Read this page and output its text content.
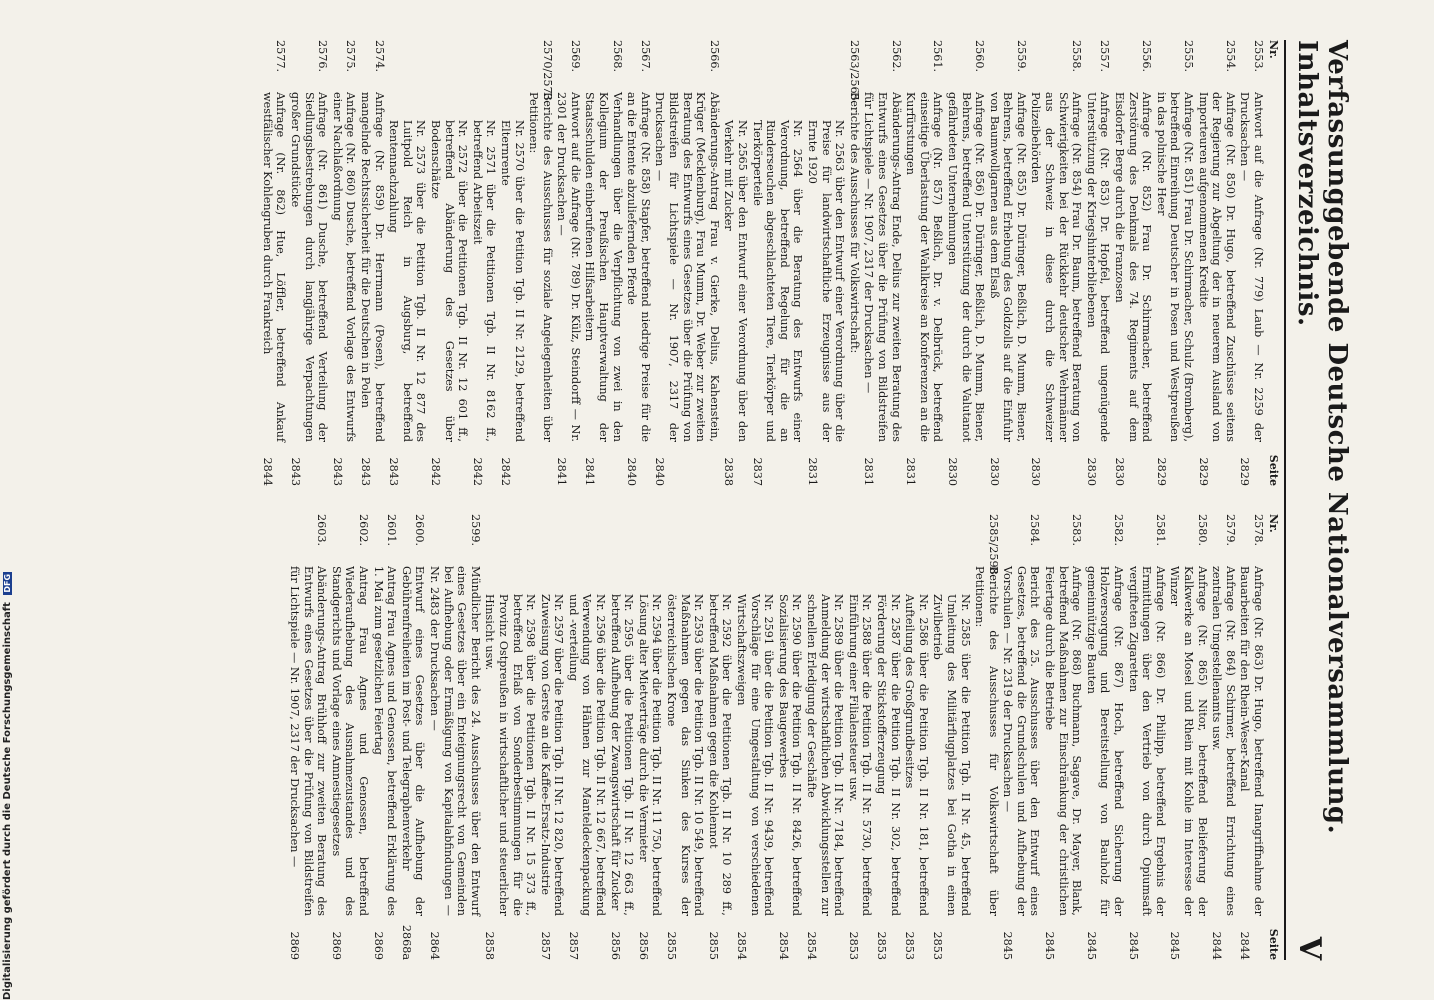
Verfassunggebende Deutsche Nationalversammlung. Inhaltsverzeichnis.
V
Nr.
Seite
2553.
Antwort auf die Anfrage (Nr. 779) Laub — Nr. 2259 der Drucksachen —
2829
2554.
Anfrage (Nr. 850) Dr. Hugo, betreffend Zuschüsse seitens der Regierung zur Abgeltung der in neuerem Ausland von Importeuren aufgenommenen Kredite
2829
2555.
Anfrage (Nr. 851) Frau Dr. Schirmacher, Schulz (Bromberg), betreffend Einreihung Deutscher in Posen und Westpreußen in das polnische Heer
2829
2556.
Anfrage (Nr. 852) Frau Dr. Schirmacher, betreffend Zerstörung des Denkmals des 74. Regiments auf dem Eisdorfer Berge durch die Franzosen
2830
2557.
Anfrage (Nr. 853) Dr. Hopfel, betreffend ungenügende Unterstützung der Kriegshinterbliebenen
2830
2558.
Anfrage (Nr. 854) Frau Dr. Baum, betreffend Beratung von Schwierigkeiten bei der Rückkehr deutscher Wehrmänner aus der Schweiz in diese durch die Schweizer Polizeibehörden
2830
2559.
Anfrage (Nr. 855) Dr. Düringer, Beßlich, D. Mumm, Biener, Behrens, betreffend Erhebung des Goldzolls auf die Einfuhr von Baumwollgarnen aus dem Elsaß
2830
2560.
Anfrage (Nr. 856) Dr. Düringer, Beßlich, D. Mumm, Biener, Behrens, betreffend Unterstützung der durch die Valutanot gefährdeten Unternehmungen
2830
2561.
Anfrage (Nr. 857) Beßlich, Dr. v. Delbrück, betreffend einseitige Überlastung der Wahlkreise an Konferenzen an die Kurfürstungen
2831
2562.
Abänderungs-Antrag Ende, Delius zur zweiten Beratung des Entwurfs eines Gesetzes über die Prüfung von Bildstreifen für Lichtspiele — Nr. 1907, 2317 der Drucksachen —
2831
2563/2565.
Berichte des Ausschusses für Volkswirtschaft:
Nr. 2563 über den Entwurf einer Verordnung über die Preise für landwirtschaftliche Erzeugnisse aus der Ernte 1920
2831
Nr. 2564 über die Beratung des Entwurfs einer Verordnung, betreffend Regelung für die an Rinderseuchen abgeschlachteten Tiere, Tierkörper und Tierkörperteile
2837
Nr. 2565 über den Entwurf einer Verordnung über den Verkehr mit Zucker
2838
2566.
Abänderungs-Antrag Frau v. Gierke, Delius, Kahenstein, Krüger (Mecklenburg), Frau Mumm, Dr. Weber zur zweiten Beratung des Entwurfs eines Gesetzes über die Prüfung von Bildstreifen für Lichtspiele — Nr. 1907, 2317 der Drucksachen —
2840
2567.
Anfrage (Nr. 858) Stapfer, betreffend niedrige Preise für die an die Entente abzuliefernden Pferde
2840
2568.
Verhandlungen über die Verpflichtung von zwei in den Kollegium der Preußischen Hauptverwaltung der Staatsschulden einberufenen Hilfsarbeitern
2841
2569.
Antwort auf die Anfrage (Nr. 789) Dr. Külz, Steindorff — Nr. 2301 der Drucksachen —
2841
2570/2573.
Berichte des Ausschusses für soziale Angelegenheiten über Petitionen:
Nr. 2570 über die Petition Tgb. II Nr. 2129, betreffend Elternrente
2842
Nr. 2571 über die Petitionen Tgb. II Nr. 8162 ff., betreffend Arbeitszeit
2842
Nr. 2572 über die Petitionen Tgb. II Nr. 12 601 ff., betreffend Abänderung des Gesetzes über Bodenschätze
2842
Nr. 2573 über die Petition Tgb. II Nr. 12 877 des Luitpold Reich in Augsburg, betreffend Rentennachzahlung
2843
2574.
Anfrage (Nr. 859) Dr. Herrmann (Posen), betreffend mangelnde Rechtssicherheit für die Deutschen in Polen
2843
2575.
Anfrage (Nr. 860) Dusche, betreffend Vorlage des Entwurfs einer Nachlaßordnung
2843
2576.
Anfrage (Nr. 861) Dusche, betreffend Verteilung der Siedlungsbestrebungen durch langjährige Verpachtungen großer Grundstücke
2843
2577.
Anfrage (Nr. 862) Hue, Löffler, betreffend Ankauf westfälischer Kohlengruben durch Frankreich
2844
Nr.
Seite
2578.
Anfrage (Nr. 863) Dr. Hugo, betreffend Inangriffnahme der Bauarbeiten für den Rhein-Weser-Kanal
2844
2579.
Anfrage (Nr. 864) Schirmer, betreffend Errichtung eines zentralen Umgestellenamts usw.
2844
2580.
Anfrage (Nr. 865) Nitor, betreffend Belieferung der Kalkwerke an Mosel und Rhein mit Kohle im Interesse der Winzer
2845
2581.
Anfrage (Nr. 866) Dr. Philipp, betreffend Ergebnis der Ermittlungen über den Vertrieb von durch Opiumsaft vergifteten Zigaretten
2845
2582.
Anfrage (Nr. 867) Hoch, betreffend Sicherung der Holzversorgung und Bereitstellung von Bauholz für gemeinnützige Bauten
2845
2583.
Anfrage (Nr. 868) Buchmann, Sagave, Dr. Mayer, Blank, betreffend Maßnahmen zur Einschränkung der christlichen Feiertage durch die Betriebe
2845
2584.
Bericht des 25. Ausschusses über den Entwurf eines Gesetzes, betreffend die Grundschulen und Aufhebung der Vorschulen — Nr. 2319 der Drucksachen —
2845
2585/2598.
Berichte des Ausschusses für Volkswirtschaft über Petitionen:
Nr. 2585 über die Petition Tgb. II Nr. 45, betreffend Umleitung des Militärflugplatzes bei Gotha in einen Zivilbetrieb
2853
Nr. 2586 über die Petition Tgb. II Nr. 181, betreffend Aufteilung des Großgrundbesitzes
2853
Nr. 2587 über die Petition Tgb. II Nr. 302, betreffend Förderung der Stickstofferzeugung
2853
Nr. 2588 über die Petition Tgb. II Nr. 5730, betreffend Einführung einer Filialensteuer usw.
2853
Nr. 2589 über die Petition Tgb. II Nr. 7184, betreffend Anmeldung der wirtschaftlichen Abwicklungsstellen zur schnellen Erledigung der Geschäfte
2854
Nr. 2590 über die Petition Tgb. II Nr. 8426, betreffend Sozialisierung des Baugewerbes
2854
Nr. 2591 über die Petition Tgb. II Nr. 9439, betreffend Vorschläge für eine Umgestaltung von verschiedenen Wirtschaftszweigen
2854
Nr. 2592 über die Petitionen Tgb. II Nr. 10 289 ff., betreffend Maßnahmen gegen die Kohlennot
2855
Nr. 2593 über die Petition Tgb. II Nr. 10 549, betreffend Maßnahmen gegen das Sinken des Kurses der österreichischen Krone
2855
Nr. 2594 über die Petition Tgb. II Nr. 11 750, betreffend Lösung alter Mietverträge durch die Vermieter
2856
Nr. 2595 über die Petitionen Tgb. II Nr. 12 663 ff., betreffend Aufhebung der Zwangswirtschaft für Zucker
2856
Nr. 2596 über die Petition Tgb. II Nr. 12 667, betreffend Verwendung von Hähnen zur Manteldeckenpackung und -verteilung
2857
Nr. 2597 über die Petition Tgb. II Nr. 12 820, betreffend Zuweisung von Gerste an die Kaffee-Ersatz-Industrie
2857
Nr. 2598 über die Petitionen Tgb. II Nr. 15 373 ff., betreffend Erlaß von Sonderbestimmungen für die Provinz Ostpreußen in wirtschaftlicher und steuerlicher Hinsicht usw.
2858
2599.
Mündlicher Bericht des 24. Ausschusses über den Entwurf eines Gesetzes über ein Enteignungsrecht von Gemeinden bei Aufhebung oder Ermäßigung von Kapitalabfindungen — Nr. 2483 der Drucksachen —
2864
2600.
Entwurf eines Gesetzes über die Aufhebung der Gebührenfreiheiten im Post- und Telegraphenverkehr
2868a
2601.
Antrag Frau Agnes und Genossen, betreffend Erklärung des 1. Mai zum gesetzlichen Feiertag
2869
2602.
Antrag Frau Agnes und Genossen, betreffend Wiederaufhebung des Ausnahmezustandes und des Standgerichts und Vorlage eines Amnestiegesetzes
2869
2603.
Abänderungs-Antrag Brühhoff zur zweiten Beratung des Entwurfs eines Gesetzes über die Prüfung von Bildstreifen für Lichtspiele — Nr. 1907, 2317 der Drucksachen —
2869
Digitalisierung gefördert durch die Deutsche Forschungsgemeinschaft DFG
